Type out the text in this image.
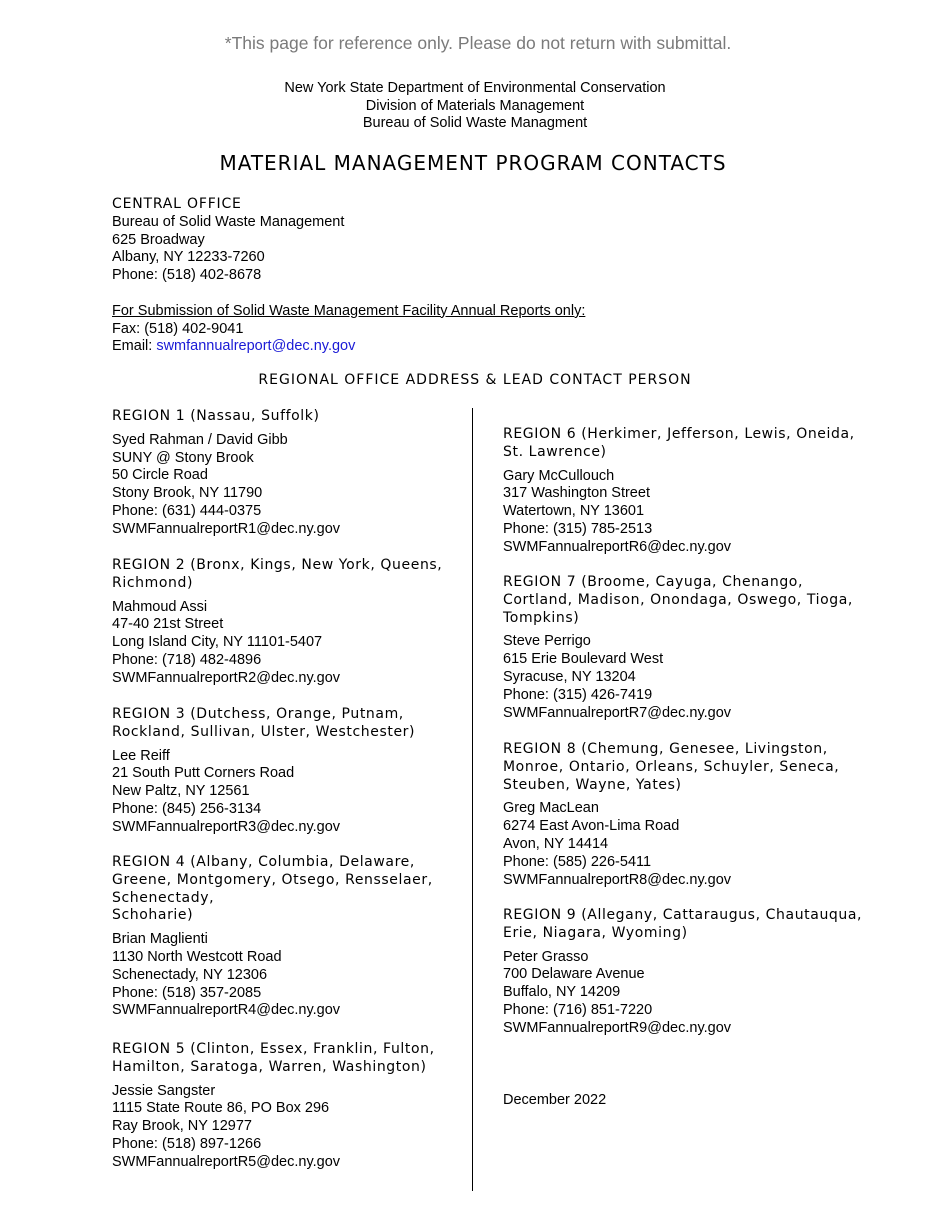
*This page for reference only. Please do not return with submittal.
New York State Department of Environmental Conservation
Division of Materials Management
Bureau of Solid Waste Managment
MATERIAL MANAGEMENT PROGRAM CONTACTS
CENTRAL OFFICE
Bureau of Solid Waste Management
625 Broadway
Albany, NY 12233-7260
Phone: (518) 402-8678
For Submission of Solid Waste Management Facility Annual Reports only:
Fax: (518) 402-9041
Email: swmfannualreport@dec.ny.gov
REGIONAL OFFICE ADDRESS & LEAD CONTACT PERSON
REGION 1 (Nassau, Suffolk)
Syed Rahman / David Gibb
SUNY @ Stony Brook
50 Circle Road
Stony Brook, NY 11790
Phone: (631) 444-0375
SWMFannualreportR1@dec.ny.gov
REGION 2 (Bronx, Kings, New York, Queens, Richmond)
Mahmoud Assi
47-40 21st Street
Long Island City, NY 11101-5407
Phone: (718) 482-4896
SWMFannualreportR2@dec.ny.gov
REGION 3 (Dutchess, Orange, Putnam, Rockland, Sullivan, Ulster, Westchester)
Lee Reiff
21 South Putt Corners Road
New Paltz, NY 12561
Phone: (845) 256-3134
SWMFannualreportR3@dec.ny.gov
REGION 4 (Albany, Columbia, Delaware, Greene, Montgomery, Otsego, Rensselaer, Schenectady,
Schoharie)
Brian Maglienti
1130 North Westcott Road
Schenectady, NY 12306
Phone: (518) 357-2085
SWMFannualreportR4@dec.ny.gov
REGION 5 (Clinton, Essex, Franklin, Fulton, Hamilton, Saratoga, Warren, Washington)
Jessie Sangster
1115 State Route 86, PO Box 296
Ray Brook, NY 12977
Phone: (518) 897-1266
SWMFannualreportR5@dec.ny.gov
REGION 6 (Herkimer, Jefferson, Lewis, Oneida, St. Lawrence)
Gary McCullouch
317 Washington Street
Watertown, NY 13601
Phone: (315) 785-2513
SWMFannualreportR6@dec.ny.gov
REGION 7 (Broome, Cayuga, Chenango, Cortland, Madison, Onondaga, Oswego, Tioga, Tompkins)
Steve Perrigo
615 Erie Boulevard West
Syracuse, NY 13204
Phone: (315) 426-7419
SWMFannualreportR7@dec.ny.gov
REGION 8 (Chemung, Genesee, Livingston, Monroe, Ontario, Orleans, Schuyler, Seneca, Steuben, Wayne, Yates)
Greg MacLean
6274 East Avon-Lima Road
Avon, NY 14414
Phone: (585) 226-5411
SWMFannualreportR8@dec.ny.gov
REGION 9 (Allegany, Cattaraugus, Chautauqua, Erie, Niagara, Wyoming)
Peter Grasso
700 Delaware Avenue
Buffalo, NY 14209
Phone: (716) 851-7220
SWMFannualreportR9@dec.ny.gov
December 2022
